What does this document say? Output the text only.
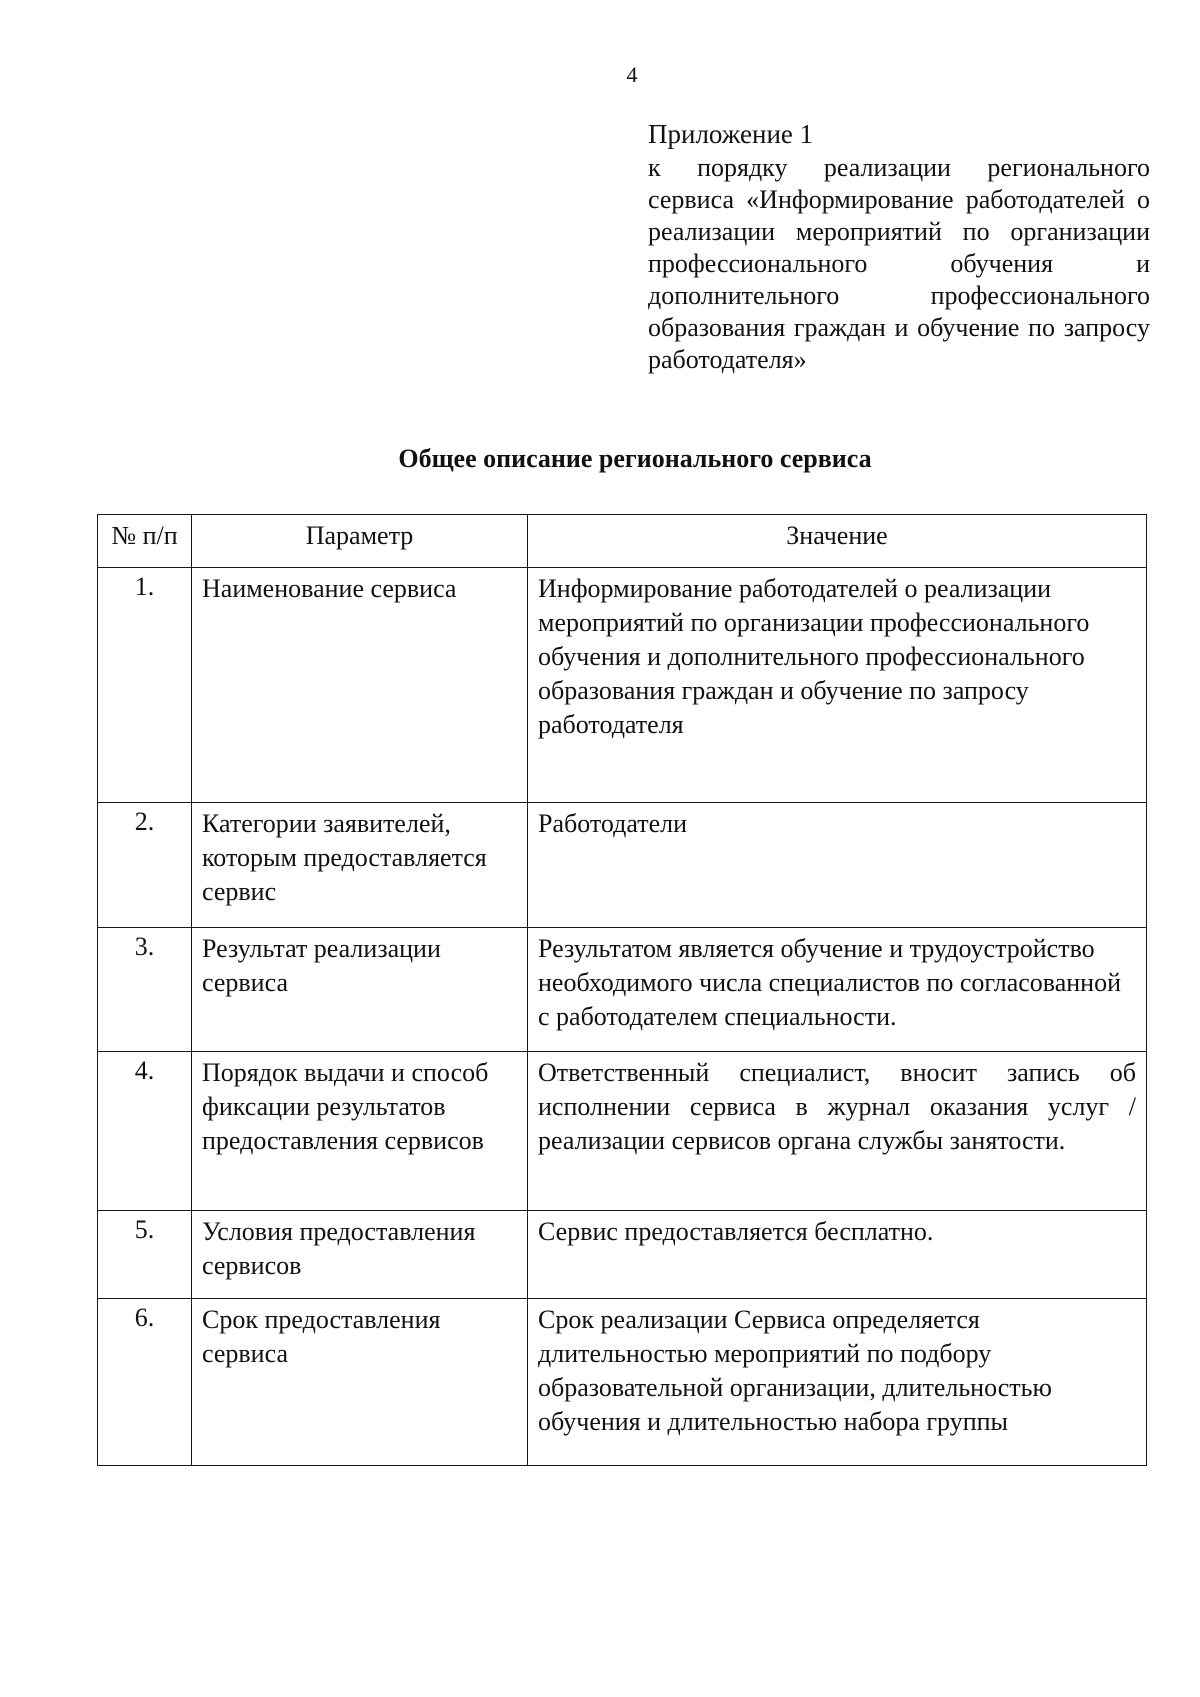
4
Приложение 1
к порядку реализации регионального сервиса «Информирование работодателей о реализации мероприятий по организации профессионального обучения и дополнительного профессионального образования граждан и обучение по запросу работодателя»
Общее описание регионального сервиса
№ п/п	Параметр	Значение
1.	Наименование сервиса	Информирование работодателей о реализации мероприятий по организации профессионального обучения и дополнительного профессионального образования граждан и обучение по запросу работодателя
2.	Категории заявителей, которым предоставляется сервис	Работодатели
3.	Результат реализации сервиса	Результатом является обучение и трудоустройство необходимого числа специалистов по согласованной с работодателем специальности.
4.	Порядок выдачи и способ фиксации результатов предоставления сервисов	Ответственный специалист, вносит запись об исполнении сервиса в журнал оказания услуг / реализации сервисов органа службы занятости.
5.	Условия предоставления сервисов	Сервис предоставляется бесплатно.
6.	Срок предоставления сервиса	Срок реализации Сервиса определяется длительностью мероприятий по подбору образовательной организации, длительностью обучения и длительностью набора группы
